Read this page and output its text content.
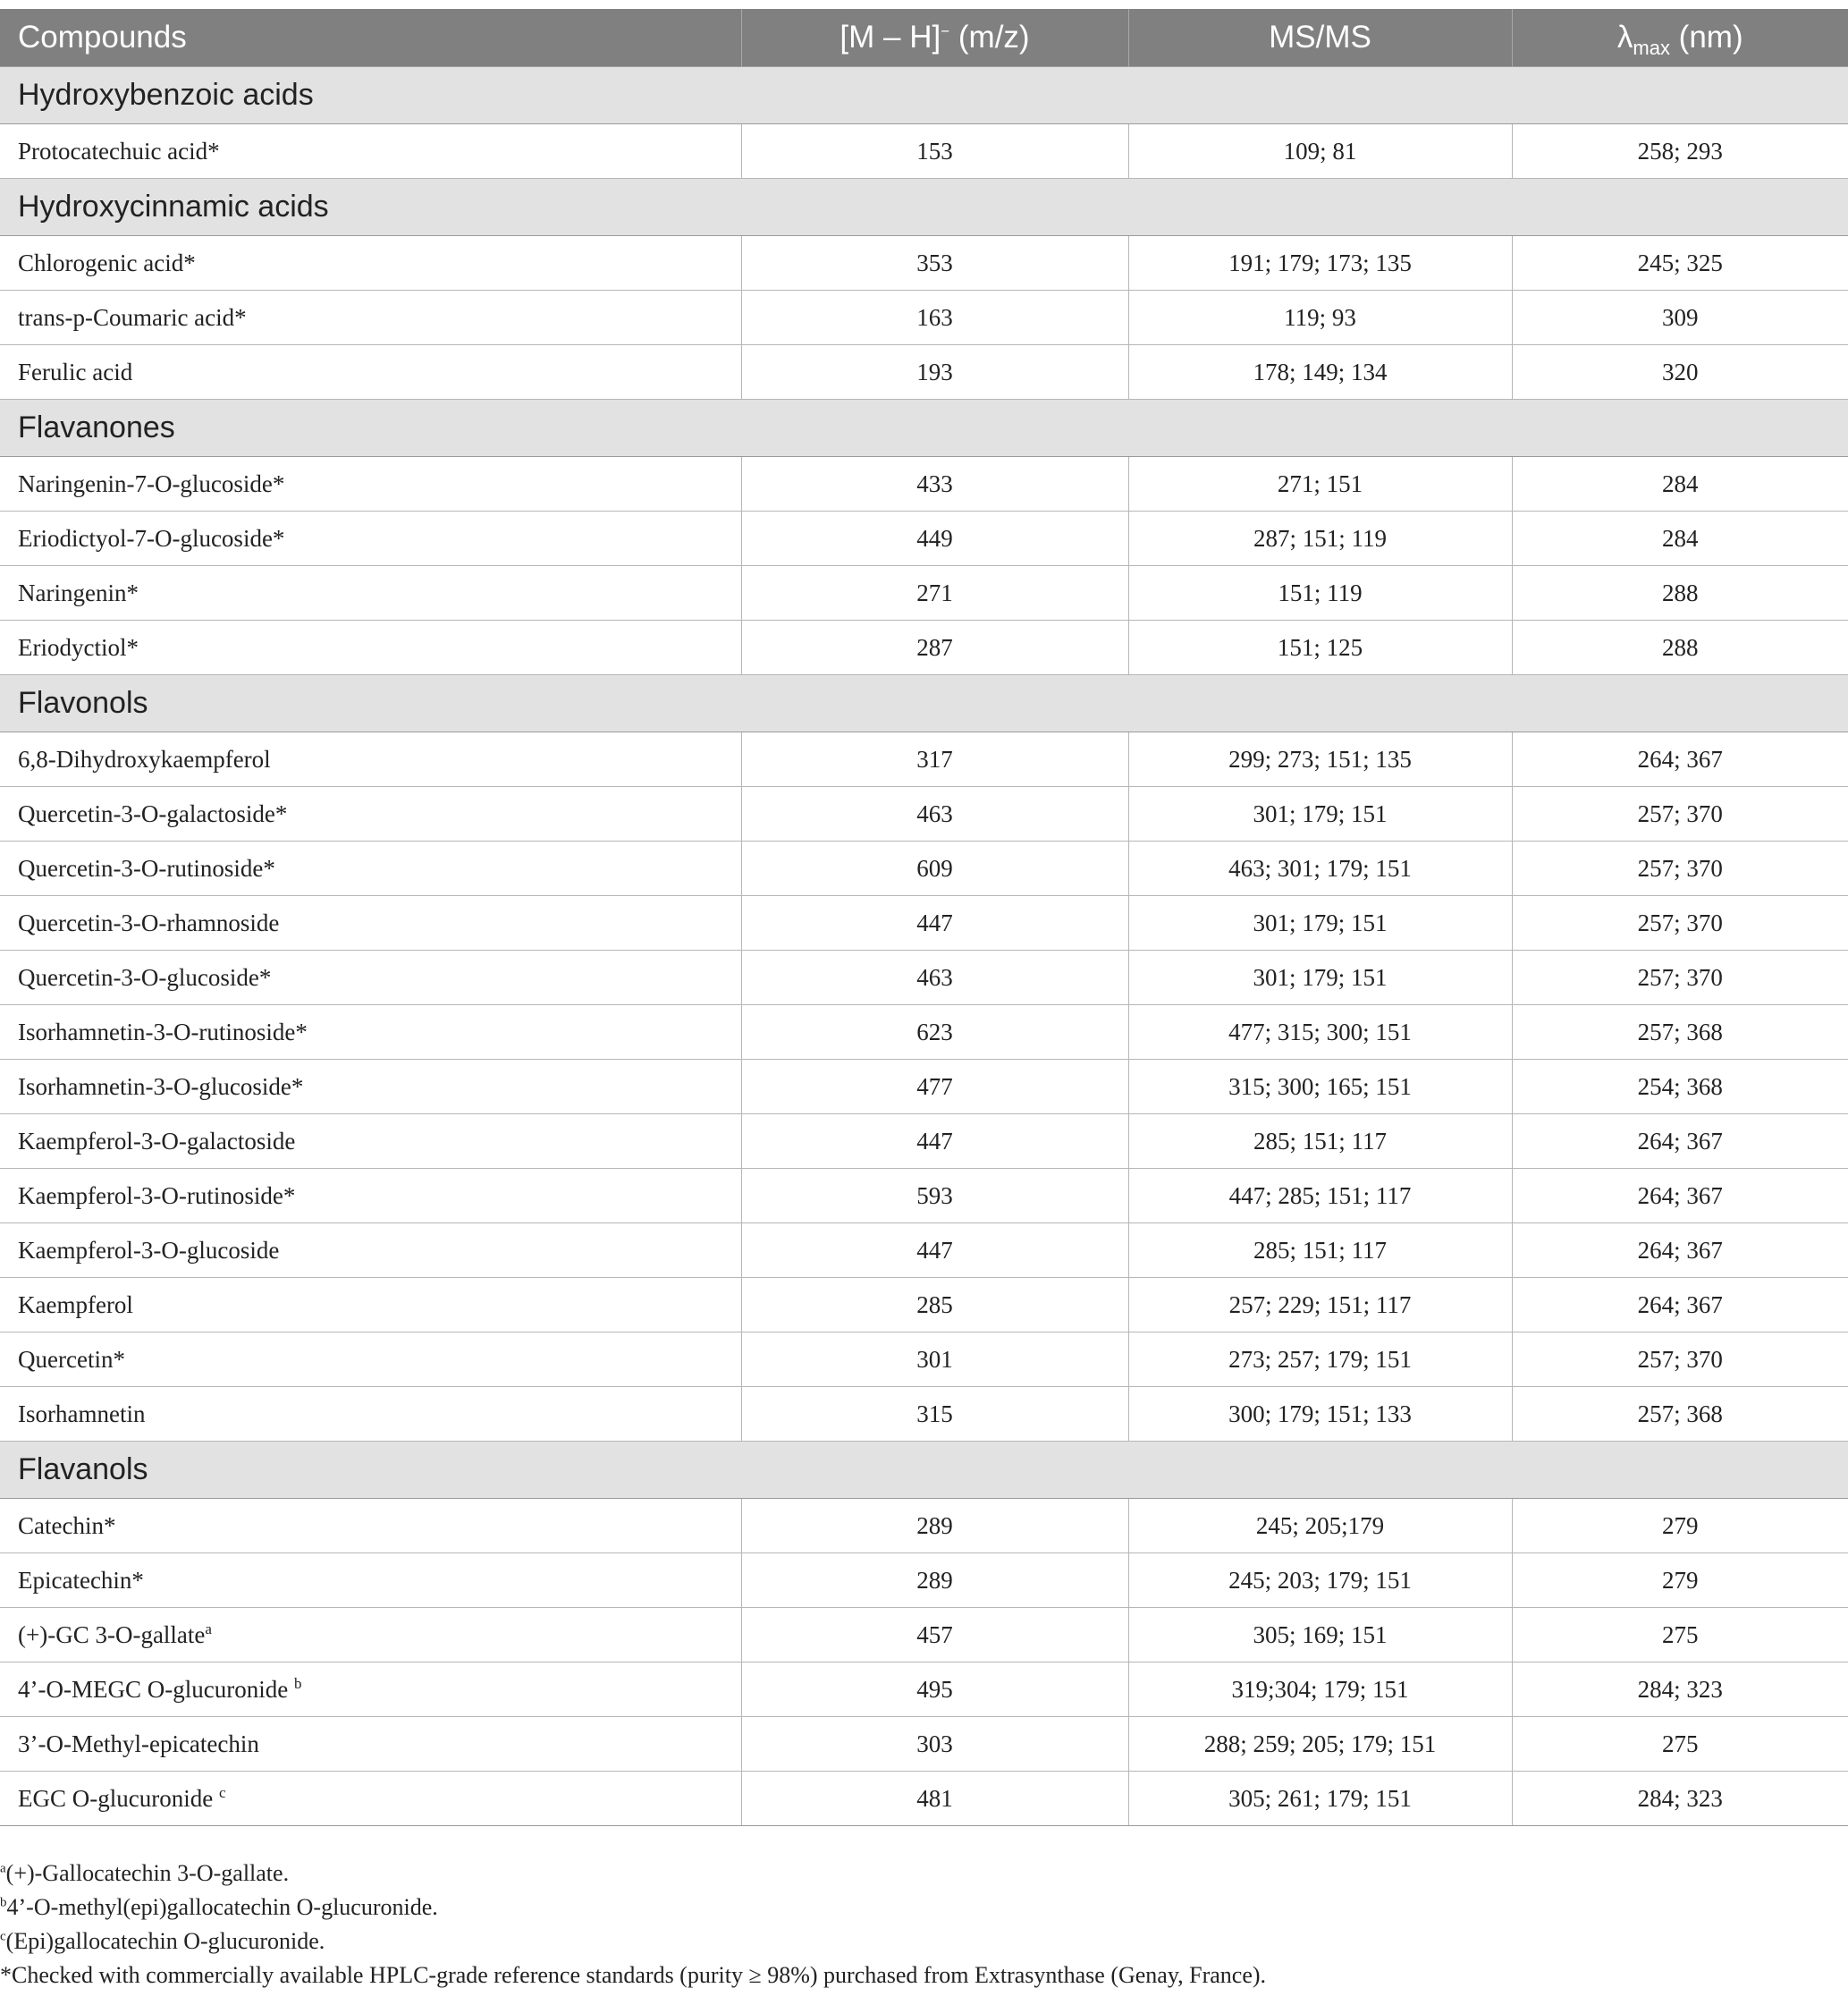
Compounds	[M – H]− (m/z)	MS/MS	$\lambda_{max}$ (nm)
Hydroxybenzoic acids			
Protocatechuic acid*	153	109; 81	258; 293
Hydroxycinnamic acids			
Chlorogenic acid*	353	191; 179; 173; 135	245; 325
trans-p-Coumaric acid*	163	119; 93	309
Ferulic acid	193	178; 149; 134	320
Flavanones			
Naringenin-7-O-glucoside*	433	271; 151	284
Eriodictyol-7-O-glucoside*	449	287; 151; 119	284
Naringenin*	271	151; 119	288
Eriodyctiol*	287	151; 125	288
Flavonols			
6,8-Dihydroxykaempferol	317	299; 273; 151; 135	264; 367
Quercetin-3-O-galactoside*	463	301; 179; 151	257; 370
Quercetin-3-O-rutinoside*	609	463; 301; 179; 151	257; 370
Quercetin-3-O-rhamnoside	447	301; 179; 151	257; 370
Quercetin-3-O-glucoside*	463	301; 179; 151	257; 370
Isorhamnetin-3-O-rutinoside*	623	477; 315; 300; 151	257; 368
Isorhamnetin-3-O-glucoside*	477	315; 300; 165; 151	254; 368
Kaempferol-3-O-galactoside	447	285; 151; 117	264; 367
Kaempferol-3-O-rutinoside*	593	447; 285; 151; 117	264; 367
Kaempferol-3-O-glucoside	447	285; 151; 117	264; 367
Kaempferol	285	257; 229; 151; 117	264; 367
Quercetin*	301	273; 257; 179; 151	257; 370
Isorhamnetin	315	300; 179; 151; 133	257; 368
Flavanols			
Catechin*	289	245; 205;179	279
Epicatechin*	289	245; 203; 179; 151	279
(+)-GC 3-O-gallate$^a$	457	305; 169; 151	275
4’-O-MEGC O-glucuronide $^b$	495	319;304; 179; 151	284; 323
3’-O-Methyl-epicatechin	303	288; 259; 205; 179; 151	275
EGC O-glucuronide $^c$	481	305; 261; 179; 151	284; 323
$^a$(+)-Gallocatechin 3-O-gallate.
$^b$4’-O-methyl(epi)gallocatechin O-glucuronide.
$^c$(Epi)gallocatechin O-glucuronide.
*Checked with commercially available HPLC-grade reference standards (purity ≥ 98%) purchased from Extrasynthase (Genay, France).
